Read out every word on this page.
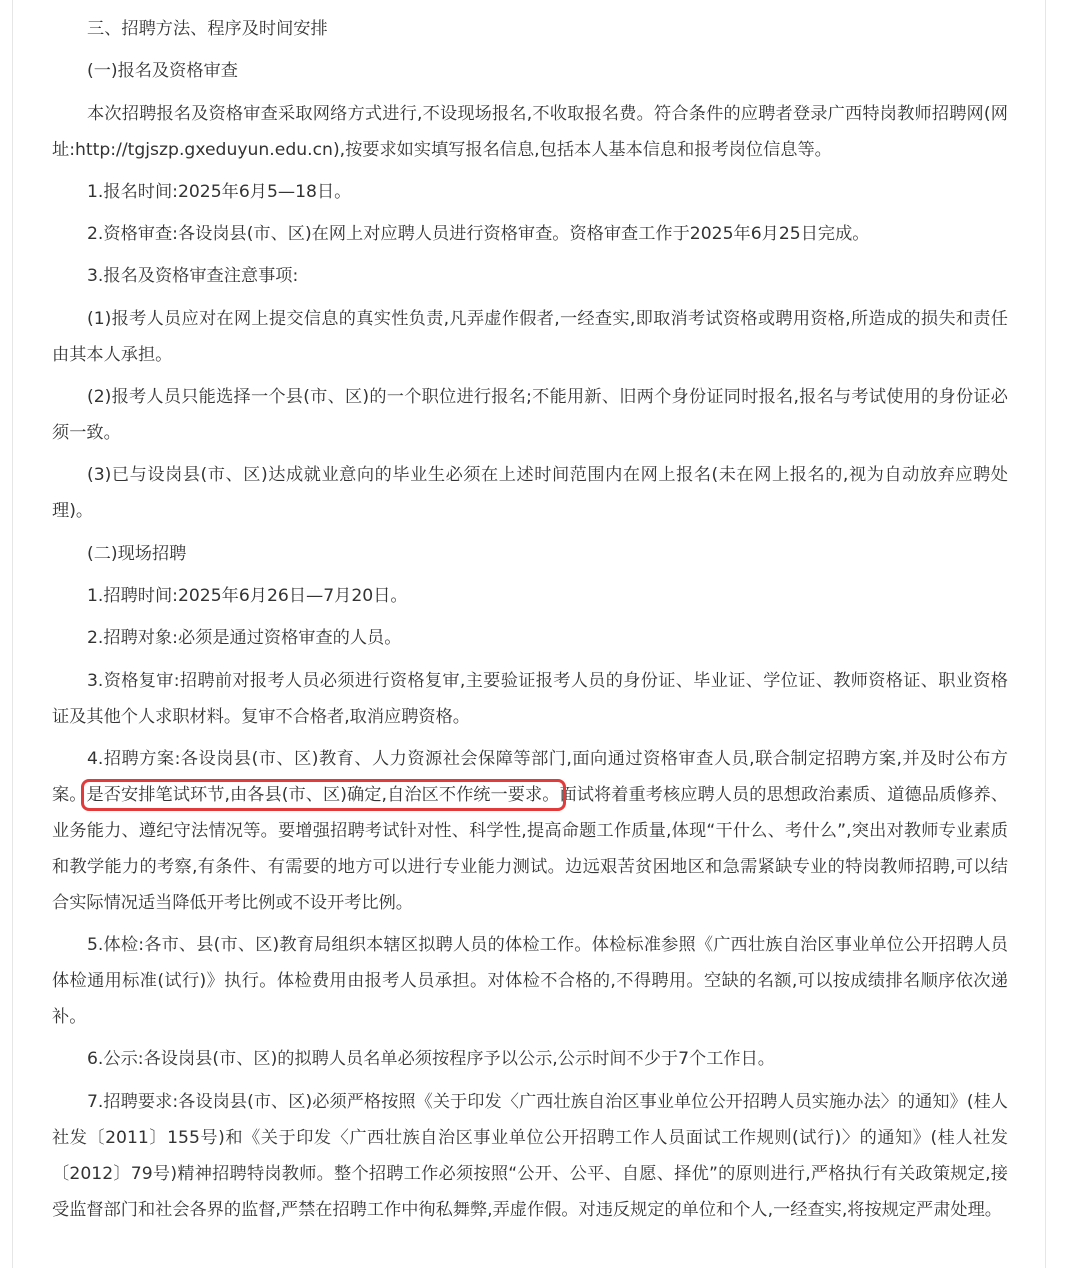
三、招聘方法、程序及时间安排

(一)报名及资格审查

本次招聘报名及资格审查采取网络方式进行,不设现场报名,不收取报名费。符合条件的应聘者登录广西特岗教师招聘网(网址:http://tgjszp.gxeduyun.edu.cn),按要求如实填写报名信息,包括本人基本信息和报考岗位信息等。

1.报名时间:2025年6月5—18日。

2.资格审查:各设岗县(市、区)在网上对应聘人员进行资格审查。资格审查工作于2025年6月25日完成。

3.报名及资格审查注意事项:

(1)报考人员应对在网上提交信息的真实性负责,凡弄虚作假者,一经查实,即取消考试资格或聘用资格,所造成的损失和责任由其本人承担。

(2)报考人员只能选择一个县(市、区)的一个职位进行报名;不能用新、旧两个身份证同时报名,报名与考试使用的身份证必须一致。

(3)已与设岗县(市、区)达成就业意向的毕业生必须在上述时间范围内在网上报名(未在网上报名的,视为自动放弃应聘处理)。

(二)现场招聘

1.招聘时间:2025年6月26日—7月20日。

2.招聘对象:必须是通过资格审查的人员。

3.资格复审:招聘前对报考人员必须进行资格复审,主要验证报考人员的身份证、毕业证、学位证、教师资格证、职业资格证及其他个人求职材料。复审不合格者,取消应聘资格。

4.招聘方案:各设岗县(市、区)教育、人力资源社会保障等部门,面向通过资格审查人员,联合制定招聘方案,并及时公布方案。是否安排笔试环节,由各县(市、区)确定,自治区不作统一要求。面试将着重考核应聘人员的思想政治素质、道德品质修养、业务能力、遵纪守法情况等。要增强招聘考试针对性、科学性,提高命题工作质量,体现“干什么、考什么”,突出对教师专业素质和教学能力的考察,有条件、有需要的地方可以进行专业能力测试。边远艰苦贫困地区和急需紧缺专业的特岗教师招聘,可以结合实际情况适当降低开考比例或不设开考比例。

5.体检:各市、县(市、区)教育局组织本辖区拟聘人员的体检工作。体检标准参照《广西壮族自治区事业单位公开招聘人员体检通用标准(试行)》执行。体检费用由报考人员承担。对体检不合格的,不得聘用。空缺的名额,可以按成绩排名顺序依次递补。

6.公示:各设岗县(市、区)的拟聘人员名单必须按程序予以公示,公示时间不少于7个工作日。

7.招聘要求:各设岗县(市、区)必须严格按照《关于印发〈广西壮族自治区事业单位公开招聘人员实施办法〉的通知》(桂人社发〔2011〕155号)和《关于印发〈广西壮族自治区事业单位公开招聘工作人员面试工作规则(试行)〉的通知》(桂人社发〔2012〕79号)精神招聘特岗教师。整个招聘工作必须按照“公开、公平、自愿、择优”的原则进行,严格执行有关政策规定,接受监督部门和社会各界的监督,严禁在招聘工作中徇私舞弊,弄虚作假。对违反规定的单位和个人,一经查实,将按规定严肃处理。
